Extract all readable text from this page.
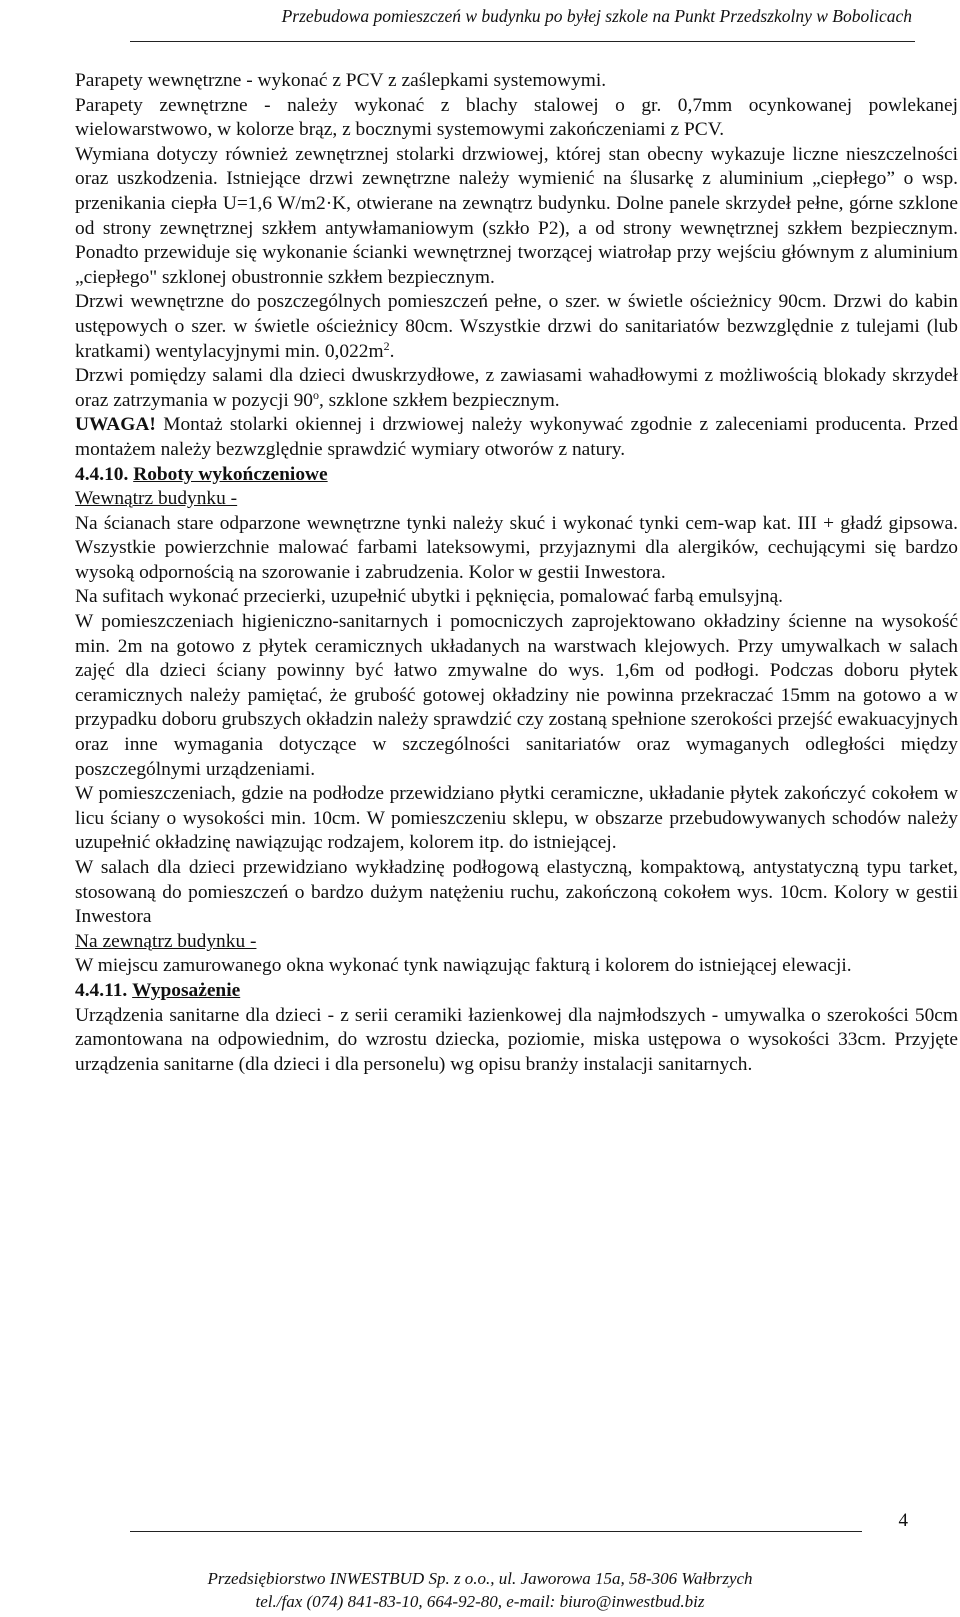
Przebudowa pomieszczeń w budynku po byłej szkole na Punkt Przedszkolny w Bobolicach

Parapety wewnętrzne - wykonać z PCV z zaślepkami systemowymi.

Parapety zewnętrzne - należy wykonać z blachy stalowej o gr. 0,7mm ocynkowanej powlekanej wielowarstwowo, w kolorze brąz, z bocznymi systemowymi zakończeniami z PCV.

Wymiana dotyczy również zewnętrznej stolarki drzwiowej, której stan obecny wykazuje liczne nieszczelności oraz uszkodzenia. Istniejące drzwi zewnętrzne należy wymienić na ślusarkę z aluminium „ciepłego” o wsp. przenikania ciepła U=1,6 W/m2·K, otwierane na zewnątrz budynku. Dolne panele skrzydeł pełne, górne szklone od strony zewnętrznej szkłem antywłamaniowym (szkło P2), a od strony wewnętrznej szkłem bezpiecznym. Ponadto przewiduje się wykonanie ścianki wewnętrznej tworzącej wiatrołap przy wejściu głównym z aluminium „ciepłego" szklonej obustronnie szkłem bezpiecznym.

Drzwi wewnętrzne do poszczególnych pomieszczeń pełne, o szer. w świetle ościeżnicy 90cm. Drzwi do kabin ustępowych o szer. w świetle ościeżnicy 80cm. Wszystkie drzwi do sanitariatów bezwzględnie z tulejami (lub kratkami) wentylacyjnymi min. $0,022m^2$.

Drzwi pomiędzy salami dla dzieci dwuskrzydłowe, z zawiasami wahadłowymi z możliwością blokady skrzydeł oraz zatrzymania w pozycji 90$^o$, szklone szkłem bezpiecznym.

UWAGA! Montaż stolarki okiennej i drzwiowej należy wykonywać zgodnie z zaleceniami producenta. Przed montażem należy bezwzględnie sprawdzić wymiary otworów z natury.

4.4.10. Roboty wykończeniowe

Wewnątrz budynku -

Na ścianach stare odparzone wewnętrzne tynki należy skuć i wykonać tynki cem-wap kat. III + gładź gipsowa. Wszystkie powierzchnie malować farbami lateksowymi, przyjaznymi dla alergików, cechującymi się bardzo wysoką odpornością na szorowanie i zabrudzenia. Kolor w gestii Inwestora.

Na sufitach wykonać przecierki, uzupełnić ubytki i pęknięcia, pomalować farbą emulsyjną.

W pomieszczeniach higieniczno-sanitarnych i pomocniczych zaprojektowano okładziny ścienne na wysokość min. 2m na gotowo z płytek ceramicznych układanych na warstwach klejowych. Przy umywalkach w salach zajęć dla dzieci ściany powinny być łatwo zmywalne do wys. 1,6m od podłogi. Podczas doboru płytek ceramicznych należy pamiętać, że grubość gotowej okładziny nie powinna przekraczać 15mm na gotowo a w przypadku doboru grubszych okładzin należy sprawdzić czy zostaną spełnione szerokości przejść ewakuacyjnych oraz inne wymagania dotyczące w szczególności sanitariatów oraz wymaganych odległości między poszczególnymi urządzeniami.

W pomieszczeniach, gdzie na podłodze przewidziano płytki ceramiczne, układanie płytek zakończyć cokołem w licu ściany o wysokości min. 10cm. W pomieszczeniu sklepu, w obszarze przebudowywanych schodów należy uzupełnić okładzinę nawiązując rodzajem, kolorem itp. do istniejącej.

W salach dla dzieci przewidziano wykładzinę podłogową elastyczną, kompaktową, antystatyczną typu tarket, stosowaną do pomieszczeń o bardzo dużym natężeniu ruchu, zakończoną cokołem wys. 10cm. Kolory w gestii Inwestora

Na zewnątrz budynku -

W miejscu zamurowanego okna wykonać tynk nawiązując fakturą i kolorem do istniejącej elewacji.

4.4.11. Wyposażenie

Urządzenia sanitarne dla dzieci - z serii ceramiki łazienkowej dla najmłodszych - umywalka o szerokości 50cm zamontowana na odpowiednim, do wzrostu dziecka, poziomie, miska ustępowa o wysokości 33cm. Przyjęte urządzenia sanitarne (dla dzieci i dla personelu) wg opisu branży instalacji sanitarnych.

4
Przedsiębiorstwo INWESTBUD Sp. z o.o., ul. Jaworowa 15a, 58-306 Wałbrzych
tel./fax (074) 841-83-10, 664-92-80, e-mail: biuro@inwestbud.biz
